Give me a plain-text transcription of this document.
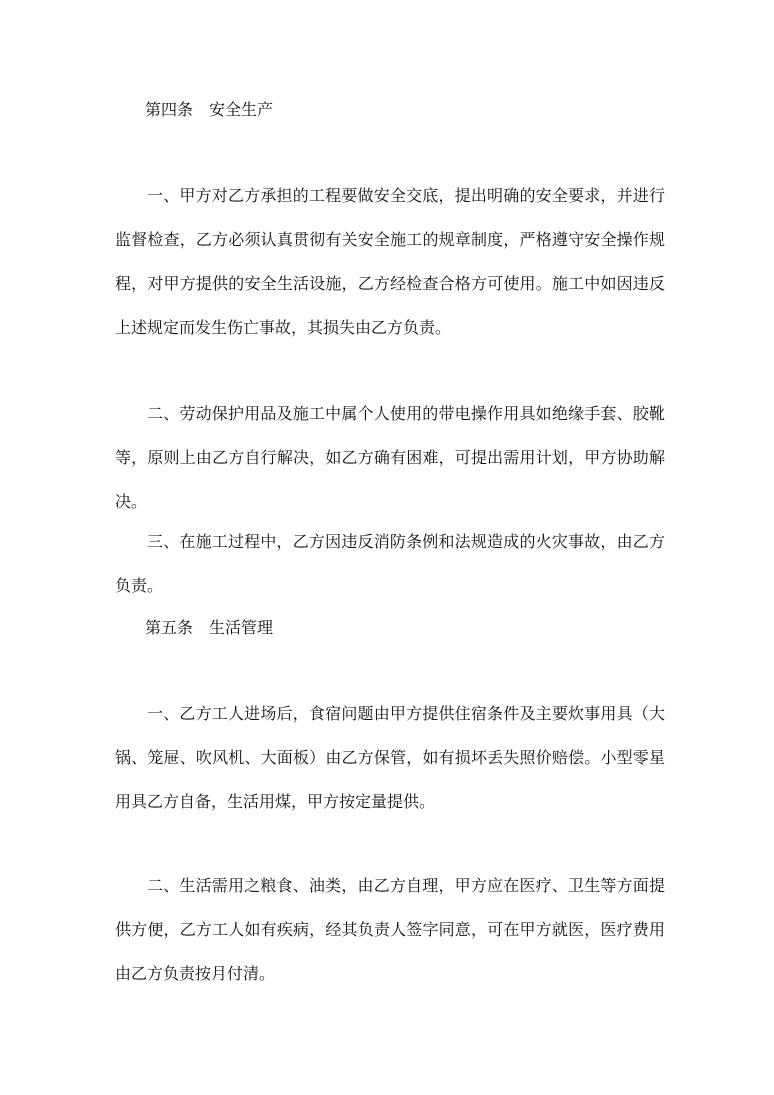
第四条　安全生产
一、甲方对乙方承担的工程要做安全交底，提出明确的安全要求，并进行监督检查，乙方必须认真贯彻有关安全施工的规章制度，严格遵守安全操作规程，对甲方提供的安全生活设施，乙方经检查合格方可使用。施工中如因违反上述规定而发生伤亡事故，其损失由乙方负责。
二、劳动保护用品及施工中属个人使用的带电操作用具如绝缘手套、胶靴等，原则上由乙方自行解决，如乙方确有困难，可提出需用计划，甲方协助解决。
三、在施工过程中，乙方因违反消防条例和法规造成的火灾事故，由乙方负责。
第五条　生活管理
一、乙方工人进场后，食宿问题由甲方提供住宿条件及主要炊事用具（大锅、笼屉、吹风机、大面板）由乙方保管，如有损坏丢失照价赔偿。小型零星用具乙方自备，生活用煤，甲方按定量提供。
二、生活需用之粮食、油类，由乙方自理，甲方应在医疗、卫生等方面提供方便，乙方工人如有疾病，经其负责人签字同意，可在甲方就医，医疗费用由乙方负责按月付清。
